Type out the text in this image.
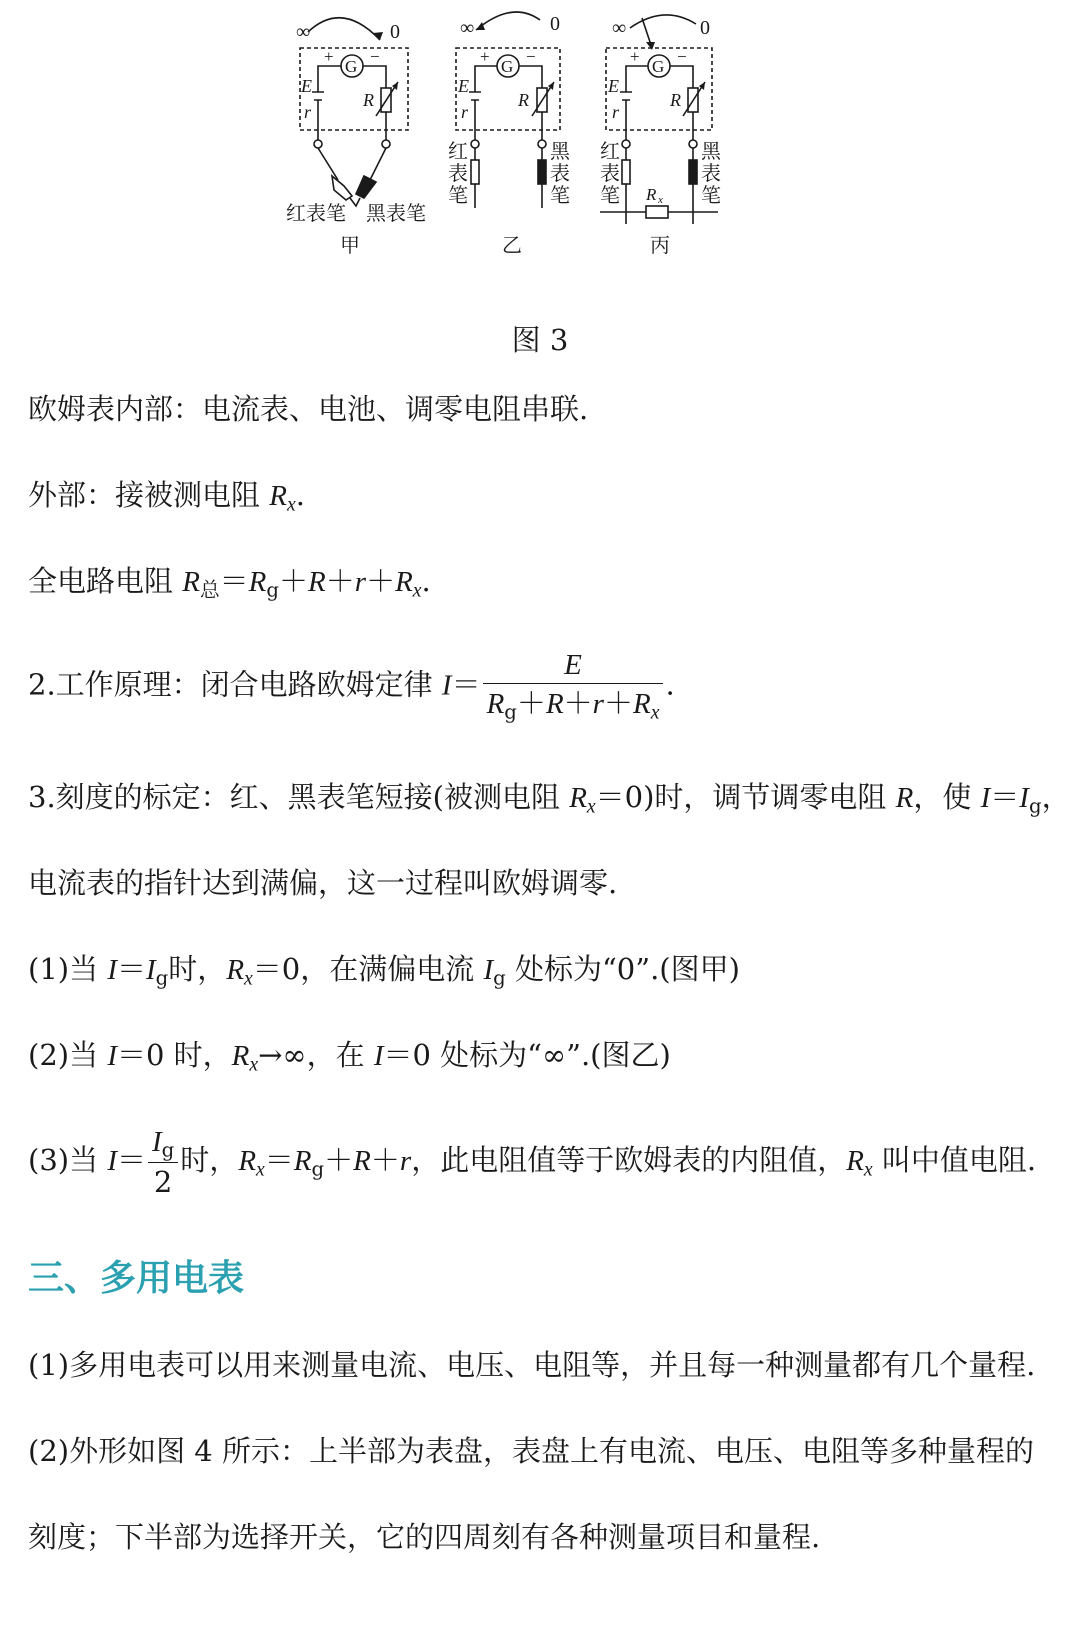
∞	0
G
+ −
E
r
R
红表笔 黑表笔
甲
∞	0
G
+ −
E
r
R
红
表
笔
黑
表
笔
乙
∞	0
G
+ −
E
r
R
R x
红
表
笔
黑
表
笔
丙
图 3
欧姆表内部：电流表、电池、调零电阻串联.
外部：接被测电阻 $R_x$.
全电路电阻 $R_总=R_g+R+r+R_x$.
2.工作原理：闭合电路欧姆定律 $I= \frac{E}{R_g+R+r+R_x}$ .
3.刻度的标定：红、黑表笔短接(被测电阻 $R_x=0$)时，调节调零电阻 R，使 $I=I_g$，
电流表的指针达到满偏，这一过程叫欧姆调零.
(1)当 $I=I_g$时，$R_x=0$，在满偏电流 $I_g$ 处标为“0”.(图甲)
(2)当 I＝0 时，$R_x\to\infty$，在 I＝0 处标为“∞”.(图乙)
(3)当 $I= \frac{I_g}{2}$ 时，$R_x=R_g+R+r$，此电阻值等于欧姆表的内阻值，$R_x$ 叫中值电阻.
三、多用电表
(1)多用电表可以用来测量电流、电压、电阻等，并且每一种测量都有几个量程.
(2)外形如图 4 所示：上半部为表盘，表盘上有电流、电压、电阻等多种量程的
刻度；下半部为选择开关，它的四周刻有各种测量项目和量程.
